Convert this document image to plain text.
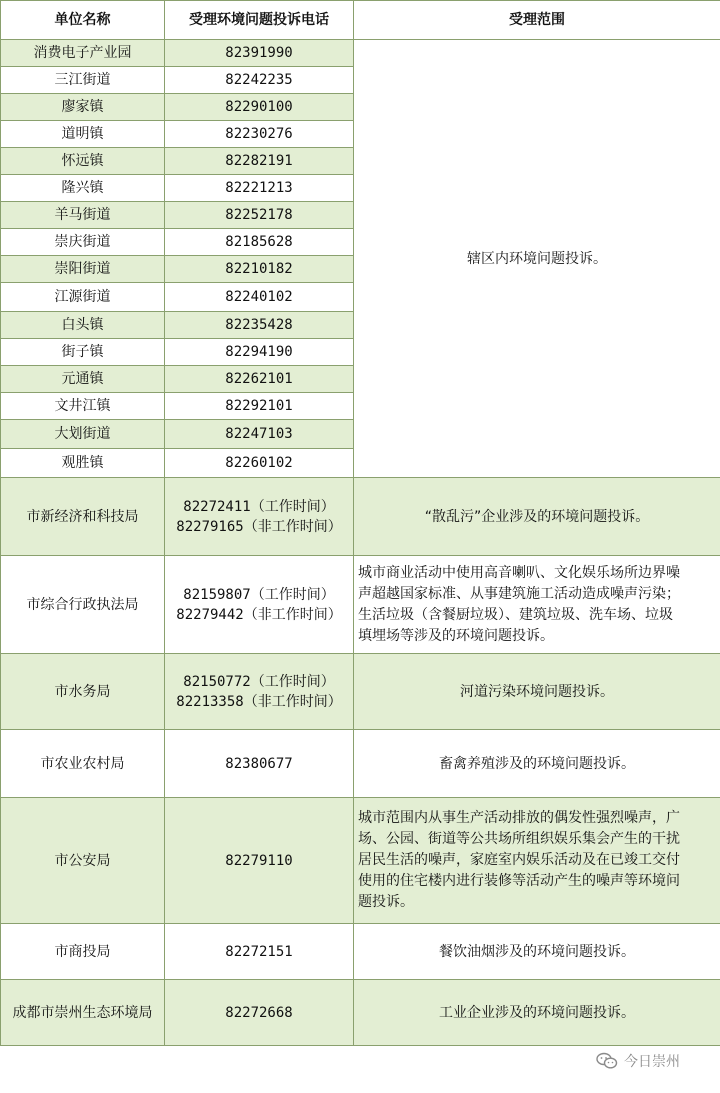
单位名称	受理环境问题投诉电话	受理范围
消费电子产业园	82391990	辖区内环境问题投诉。
三江街道	82242235	
廖家镇	82290100	
道明镇	82230276	
怀远镇	82282191	
隆兴镇	82221213	
羊马街道	82252178	
崇庆街道	82185628	
崇阳街道	82210182	
江源街道	82240102	
白头镇	82235428	
街子镇	82294190	
元通镇	82262101	
文井江镇	82292101	
大划街道	82247103	
观胜镇	82260102	
市新经济和科技局	82272411（工作时间）
82279165（非工作时间）	“散乱污”企业涉及的环境问题投诉。

市综合行政执法局	82159807（工作时间）
82279442（非工作时间）	城市商业活动中使用高音喇叭、文化娱乐场所边界噪
声超越国家标准、从事建筑施工活动造成噪声污染；
生活垃圾（含餐厨垃圾）、建筑垃圾、洗车场、垃圾
填埋场等涉及的环境问题投诉。

市水务局	82150772（工作时间）
82213358（非工作时间）	河道污染环境问题投诉。

市农业农村局	82380677	畜禽养殖涉及的环境问题投诉。

市公安局	82279110	城市范围内从事生产活动排放的偶发性强烈噪声，广
场、公园、街道等公共场所组织娱乐集会产生的干扰
居民生活的噪声，家庭室内娱乐活动及在已竣工交付
使用的住宅楼内进行装修等活动产生的噪声等环境问
题投诉。

市商投局	82272151	餐饮油烟涉及的环境问题投诉。

成都市崇州生态环境局	82272668	工业企业涉及的环境问题投诉。
今日崇州
